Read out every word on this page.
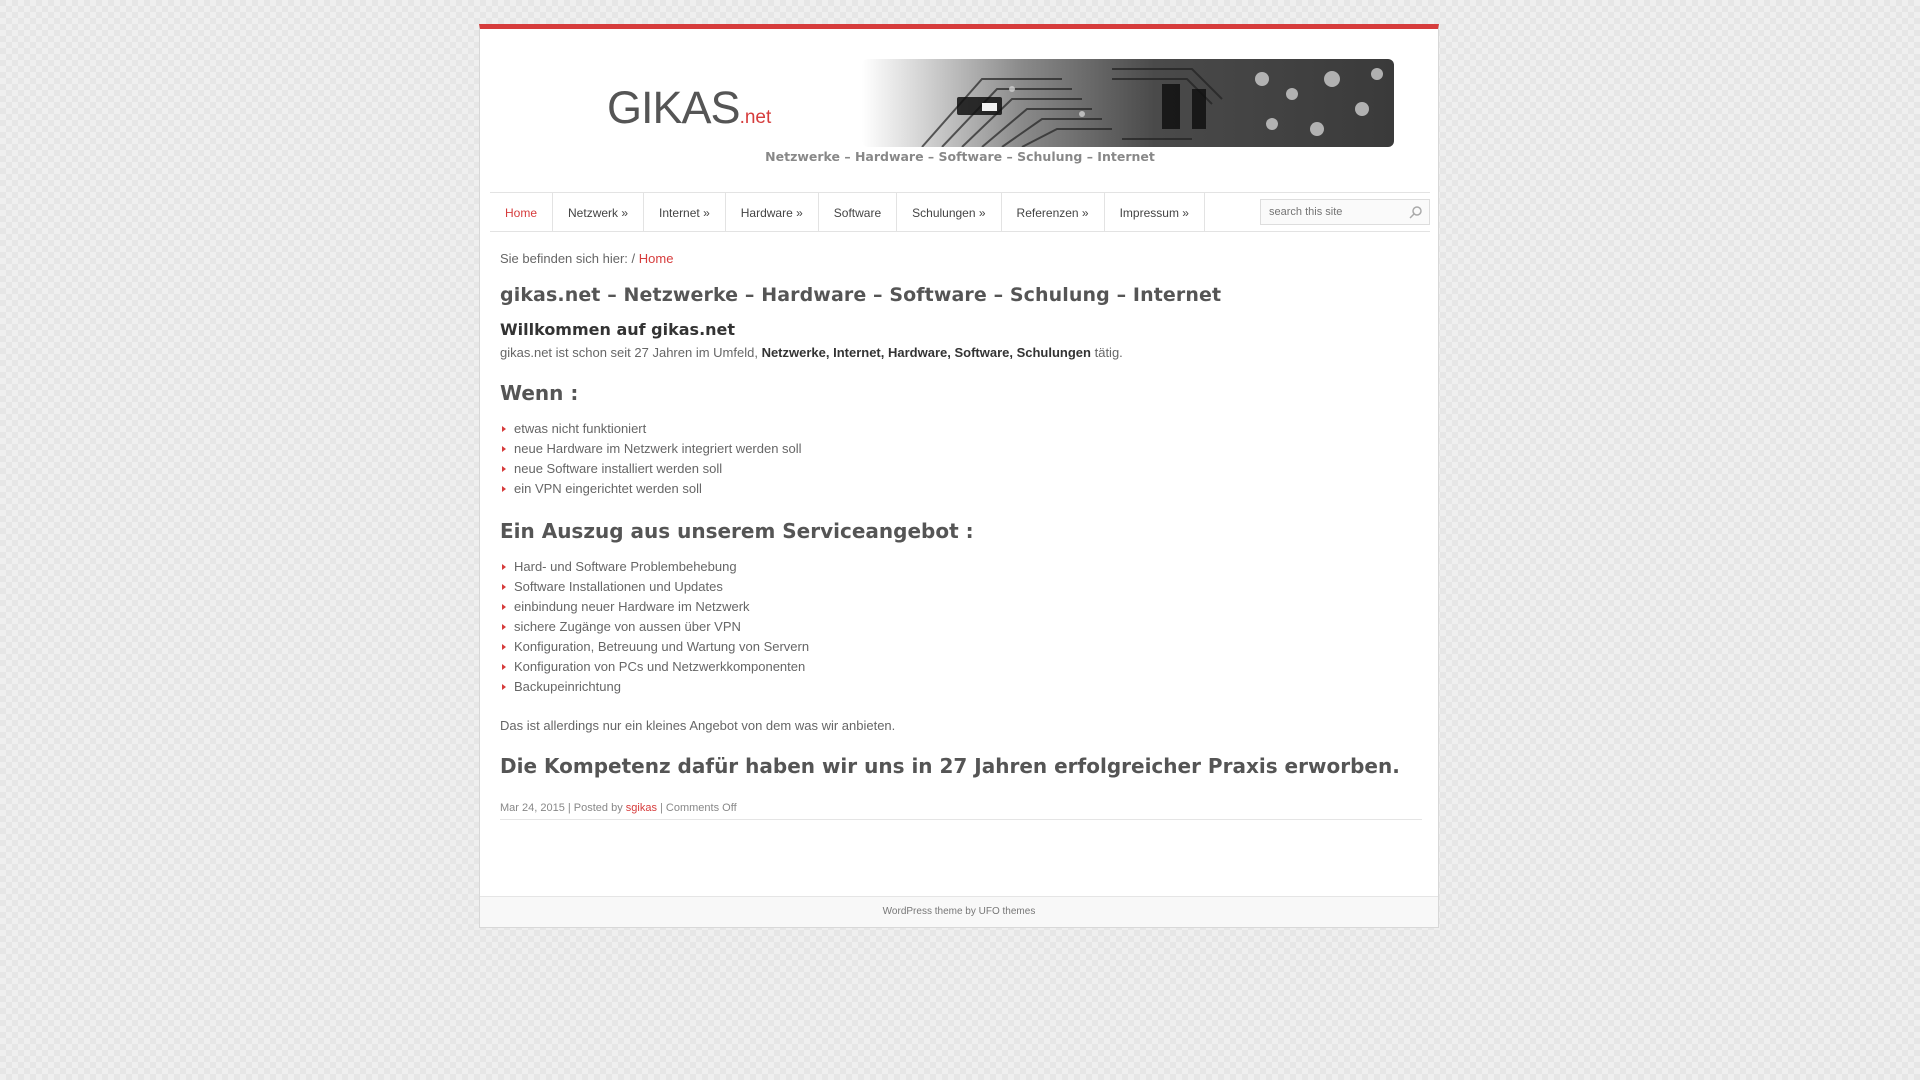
GIKAS.net
Netzwerke – Hardware – Software – Schulung – Internet
Home	Netzwerk »	Internet »	Hardware »	Software	Schulungen »	Referenzen »	Impressum »
search this site
Sie befinden sich hier: / Home
gikas.net – Netzwerke – Hardware – Software – Schulung – Internet
Willkommen auf gikas.net

gikas.net ist schon seit 27 Jahren im Umfeld, Netzwerke, Internet, Hardware, Software, Schulungen tätig.

Wenn :
etwas nicht funktioniert
neue Hardware im Netzwerk integriert werden soll
neue Software installiert werden soll
ein VPN eingerichtet werden soll
Ein Auszug aus unserem Serviceangebot :
Hard- und Software Problembehebung
Software Installationen und Updates
einbindung neuer Hardware im Netzwerk
sichere Zugänge von aussen über VPN
Konfiguration, Betreuung und Wartung von Servern
Konfiguration von PCs und Netzwerkkomponenten
Backupeinrichtung

Das ist allerdings nur ein kleines Angebot von dem was wir anbieten.

Die Kompetenz dafür haben wir uns in 27 Jahren erfolgreicher Praxis erworben.
Mar 24, 2015 | Posted by sgikas | Comments Off
WordPress theme by UFO themes
